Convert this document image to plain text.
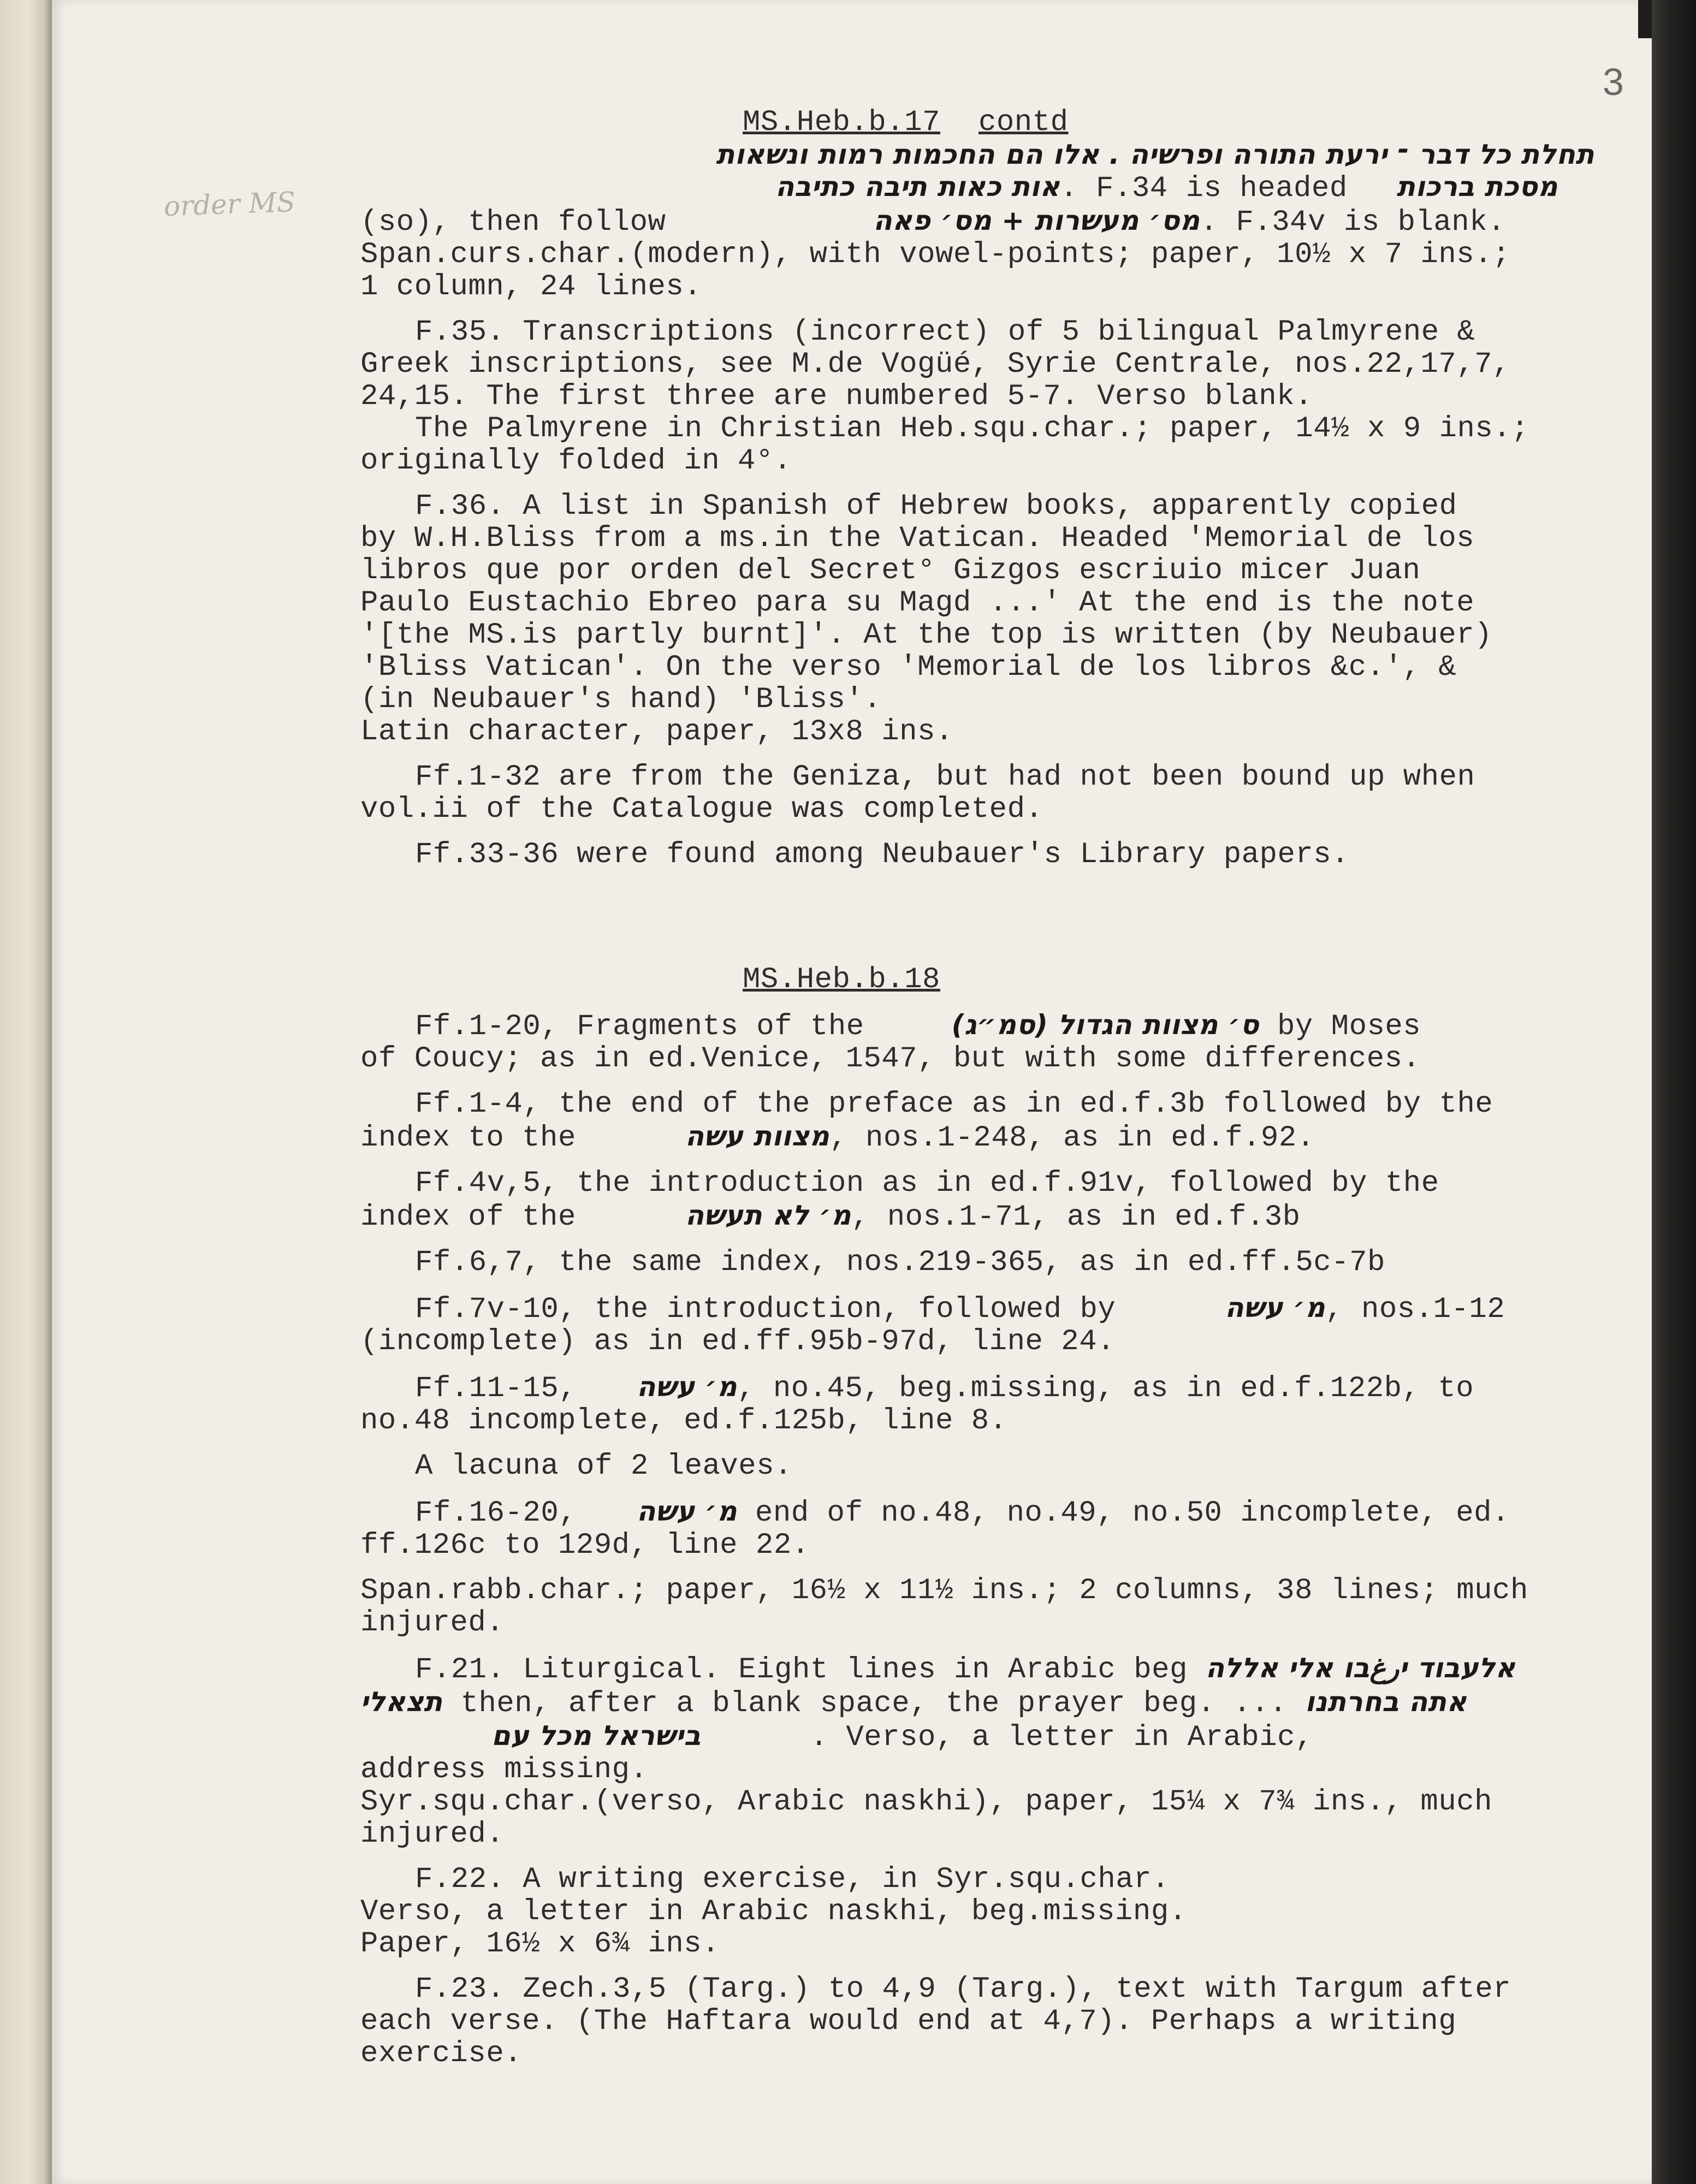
3
order MS
MS.Heb.b.17 contd
תחלת כל דבר ־ ירעת התורה ופרשיה . אלו הם החכמות רמות ונשאות
אות כאות תיבה כתיבה. F.34 is headed מסכת ברכות

(so), then follow	מס׳ מעשרות + מס׳ פאה. F.34v is blank.

Span.curs.char.(modern), with vowel-points; paper, 10½ x 7 ins.;

1 column, 24 lines.

F.35. Transcriptions (incorrect) of 5 bilingual Palmyrene &
Greek inscriptions, see M.de Vogüé, Syrie Centrale, nos.22,17,7,
24,15. The first three are numbered 5-7. Verso blank.
The Palmyrene in Christian Heb.squ.char.; paper, 14½ x 9 ins.;
originally folded in 4°.
F.36. A list in Spanish of Hebrew books, apparently copied
by W.H.Bliss from a ms.in the Vatican. Headed 'Memorial de los
libros que por orden del Secret° Gizgos escriuio micer Juan
Paulo Eustachio Ebreo para su Magd ...' At the end is the note
'[the MS.is partly burnt]'. At the top is written (by Neubauer)
'Bliss Vatican'. On the verso 'Memorial de los libros &c.', &
(in Neubauer's hand) 'Bliss'.
Latin character, paper, 13x8 ins.
Ff.1-32 are from the Geniza, but had not been bound up when
vol.ii of the Catalogue was completed.
Ff.33-36 were found among Neubauer's Library papers.
MS.Heb.b.18
Ff.1-20, Fragments of the	ס׳ מצוות הגדול (סמ״ג) by Moses
of Coucy; as in ed.Venice, 1547, but with some differences.
Ff.1-4, the end of the preface as in ed.f.3b followed by the
index to the	מצוות עשה, nos.1-248, as in ed.f.92.
Ff.4v,5, the introduction as in ed.f.91v, followed by the
index of the	מ׳ לא תעשה, nos.1-71, as in ed.f.3b
Ff.6,7, the same index, nos.219-365, as in ed.ff.5c-7b
Ff.7v-10, the introduction, followed by	מ׳ עשה, nos.1-12
(incomplete) as in ed.ff.95b-97d, line 24.
Ff.11-15, מ׳ עשה, no.45, beg.missing, as in ed.f.122b, to
no.48 incomplete, ed.f.125b, line 8.
A lacuna of 2 leaves.
Ff.16-20, מ׳ עשה end of no.48, no.49, no.50 incomplete, ed.
ff.126c to 129d, line 22.
Span.rabb.char.; paper, 16½ x 11½ ins.; 2 columns, 38 lines; much
injured.
F.21. Liturgical. Eight lines in Arabic beg אלעבוד יرغבו אלי אללה
תצאלי then, after a blank space, the prayer beg. ... אתה בחרתנו
בישראל מכל עם	. Verso, a letter in Arabic,
address missing.
Syr.squ.char.(verso, Arabic naskhi), paper, 15¼ x 7¾ ins., much
injured.
F.22. A writing exercise, in Syr.squ.char.
Verso, a letter in Arabic naskhi, beg.missing.
Paper, 16½ x 6¾ ins.
F.23. Zech.3,5 (Targ.) to 4,9 (Targ.), text with Targum after
each verse. (The Haftara would end at 4,7). Perhaps a writing
exercise.
